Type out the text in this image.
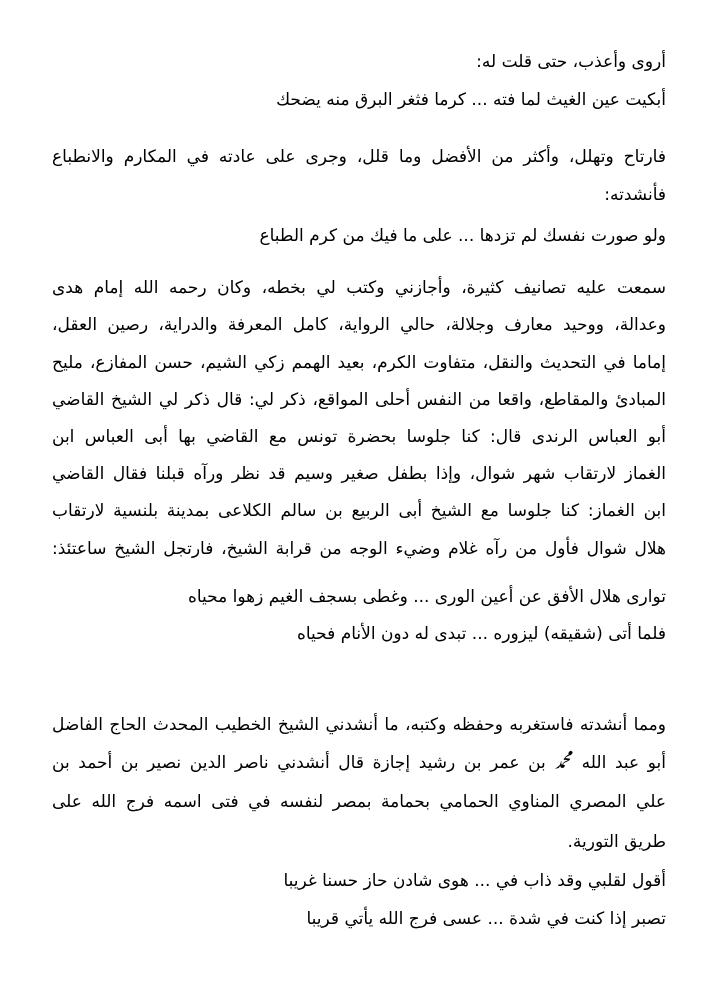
أروى وأعذب، حتى قلت له:
أبكيت عين الغيث لما فته ... كرما فثغر البرق منه يضحك
فارتاح وتهلل، وأكثر من الأفضل وما قلل، وجرى على عادته في المكارم والانطباع
فأنشدته:
ولو صورت نفسك لم تزدها ... على ما فيك من كرم الطباع
سمعت عليه تصانيف كثيرة، وأجازني وكتب لي بخطه، وكان رحمه الله إمام هدى
وعدالة، ووحيد معارف وجلالة، حالي الرواية، كامل المعرفة والدراية، رصين العقل،
إماما في التحديث والنقل، متفاوت الكرم، بعيد الهمم زكي الشيم، حسن المفازع، مليح
المبادئ والمقاطع، واقعا من النفس أحلى المواقع، ذكر لي: قال ذكر لي الشيخ القاضي
أبو العباس الرندى قال: كنا جلوسا بحضرة تونس مع القاضي بها أبى العباس ابن
الغماز لارتقاب شهر شوال، وإذا بطفل صغير وسيم قد نظر ورآه قبلنا فقال القاضي
ابن الغماز: كنا جلوسا مع الشيخ أبى الربيع بن سالم الكلاعى بمدينة بلنسية لارتقاب
هلال شوال فأول من رآه غلام وضيء الوجه من قرابة الشيخ، فارتجل الشيخ ساعتئذ:
توارى هلال الأفق عن أعين الورى ... وغطى بسجف الغيم زهوا محياه
فلما أتى (شقيقه) ليزوره ... تبدى له دون الأنام فحياه
ومما أنشدته فاستغربه وحفظه وكتبه، ما أنشدني الشيخ الخطيب المحدث الحاج الفاضل
أبو عبد الله ﷴ بن عمر بن رشيد إجازة قال أنشدني ناصر الدين نصير بن أحمد بن
علي المصري المناوي الحمامي بحمامة بمصر لنفسه في فتى اسمه فرج الله على
طريق التورية.
أقول لقلبي وقد ذاب في ... هوى شادن حاز حسنا غريبا
تصبر إذا كنت في شدة ... عسى فرج الله يأتي قريبا
